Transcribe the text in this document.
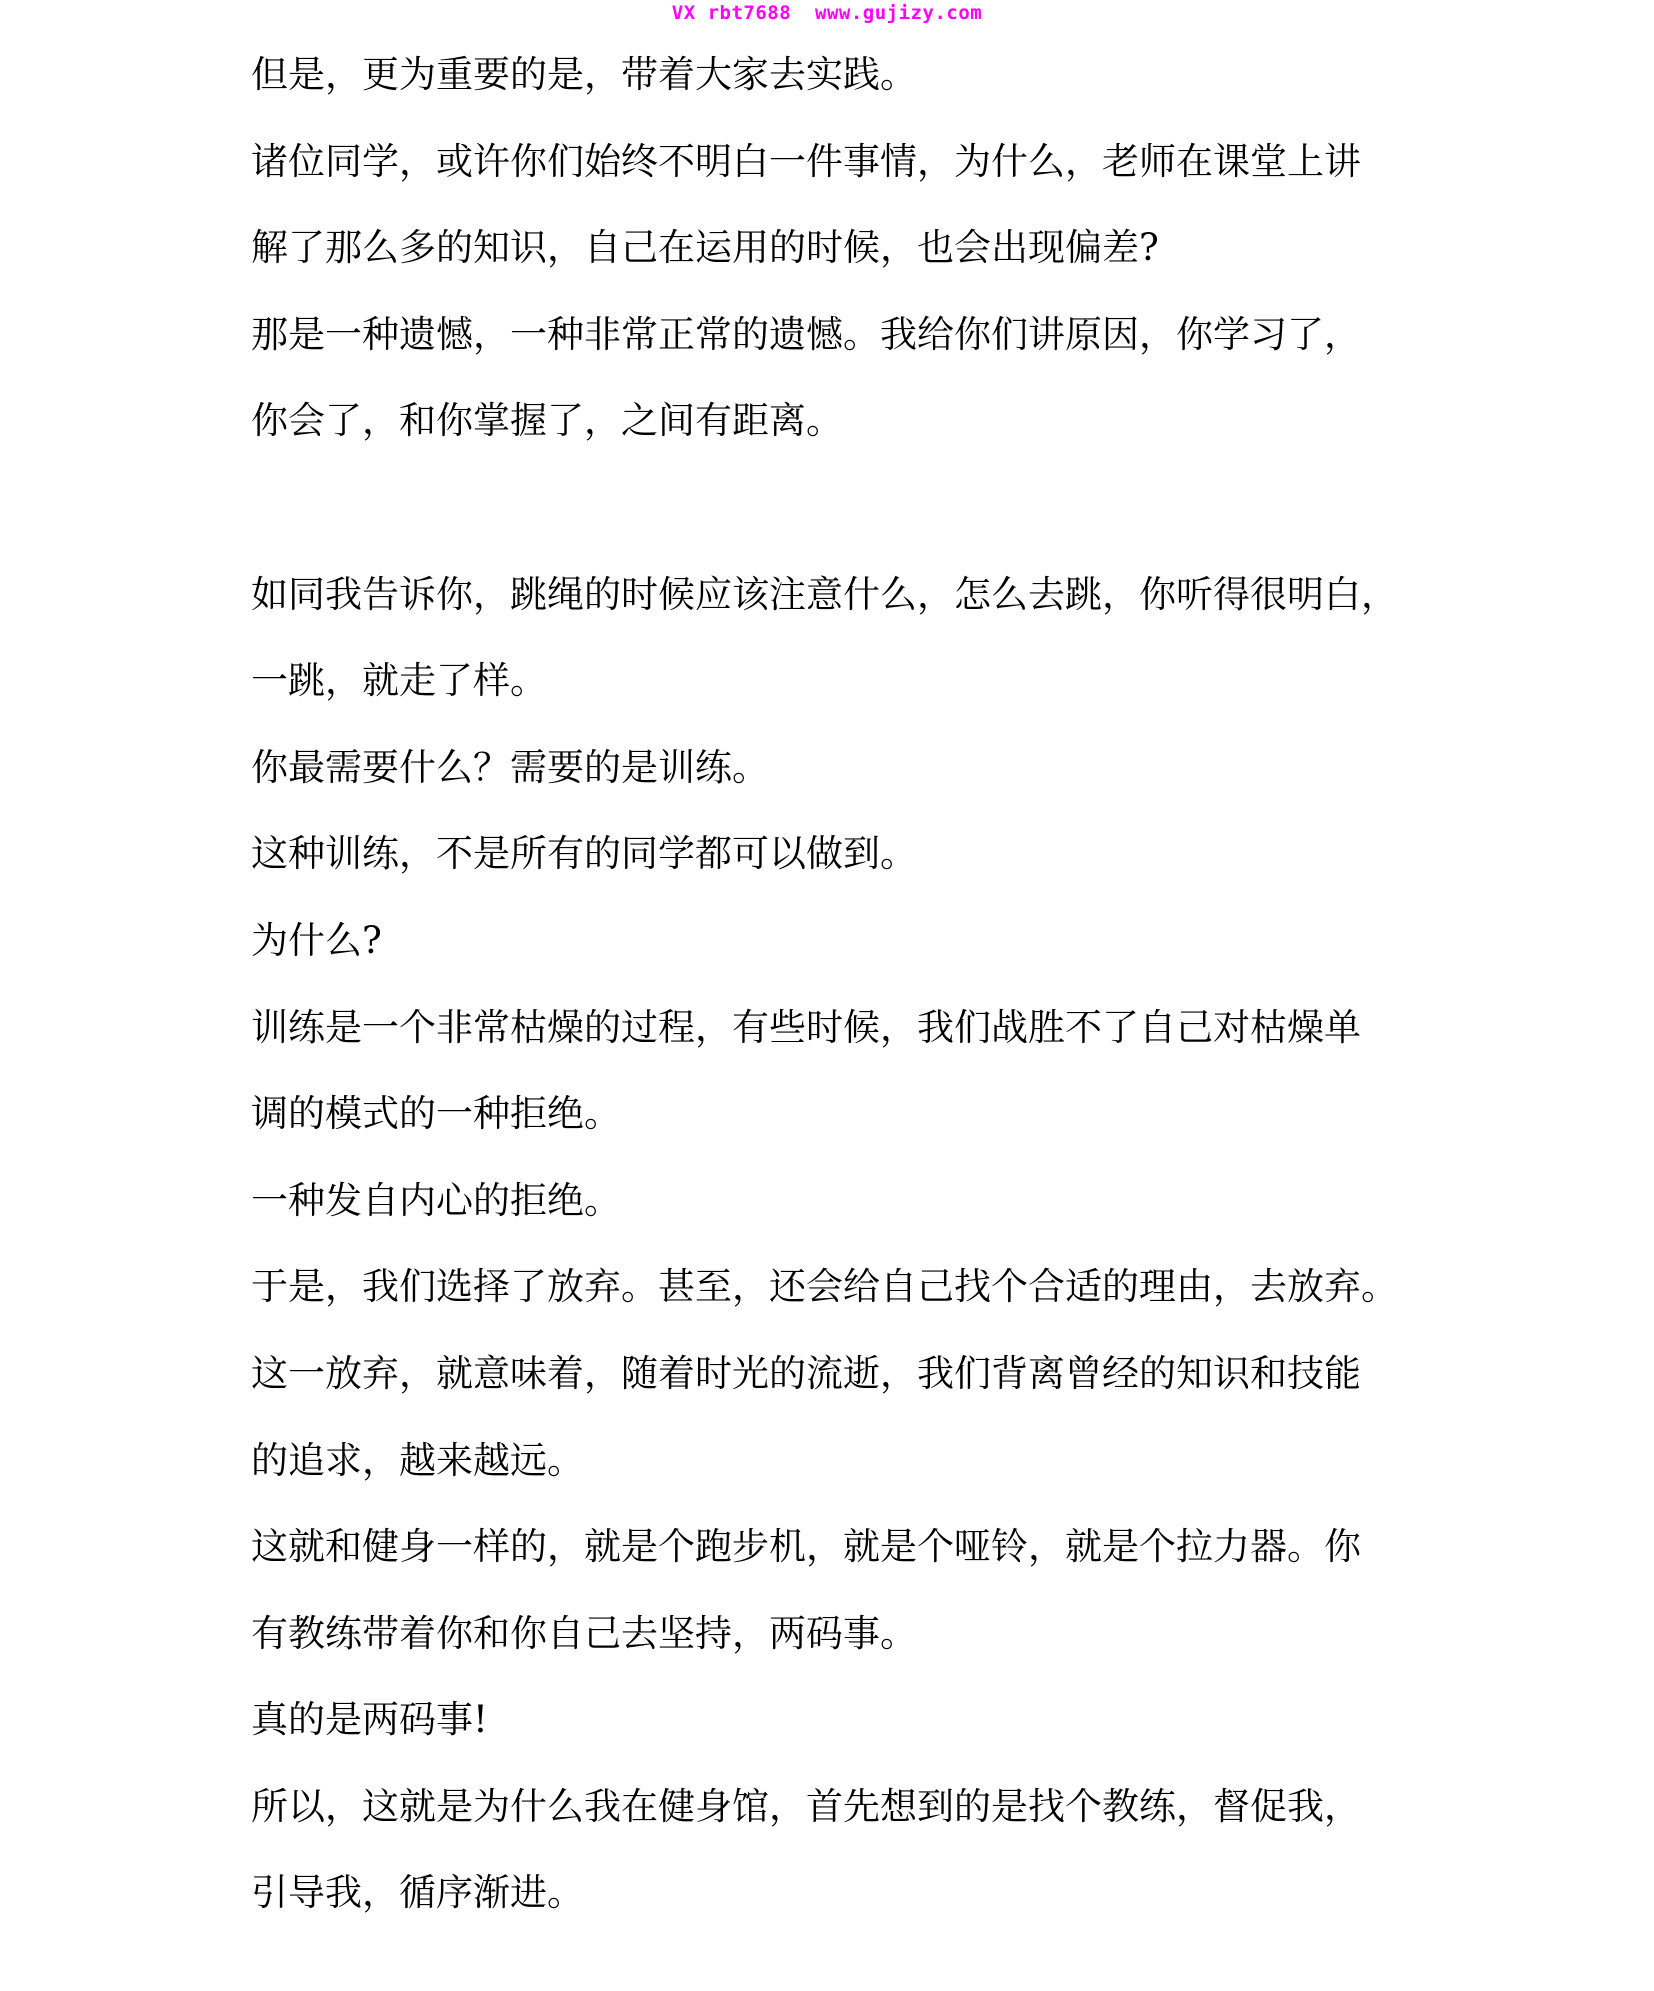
VX rbt7688  www.gujizy.com
但是，更为重要的是，带着大家去实践。
诸位同学，或许你们始终不明白一件事情，为什么，老师在课堂上讲
解了那么多的知识，自己在运用的时候，也会出现偏差?
那是一种遗憾，一种非常正常的遗憾。我给你们讲原因，你学习了，
你会了，和你掌握了，之间有距离。
如同我告诉你，跳绳的时候应该注意什么，怎么去跳，你听得很明白，
一跳，就走了样。
你最需要什么？需要的是训练。
这种训练，不是所有的同学都可以做到。
为什么?
训练是一个非常枯燥的过程，有些时候，我们战胜不了自己对枯燥单
调的模式的一种拒绝。
一种发自内心的拒绝。
于是，我们选择了放弃。甚至，还会给自己找个合适的理由，去放弃。
这一放弃，就意味着，随着时光的流逝，我们背离曾经的知识和技能
的追求，越来越远。
这就和健身一样的，就是个跑步机，就是个哑铃，就是个拉力器。你
有教练带着你和你自己去坚持，两码事。
真的是两码事!
所以，这就是为什么我在健身馆，首先想到的是找个教练，督促我，
引导我，循序渐进。
